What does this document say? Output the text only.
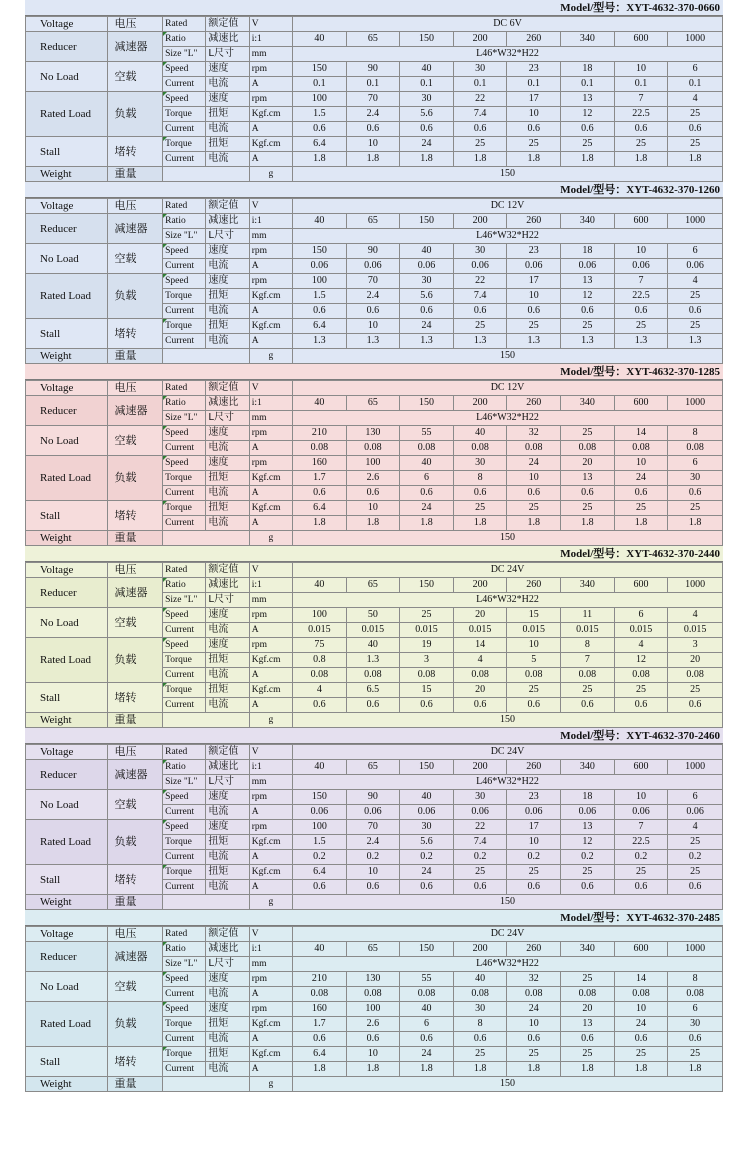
Model/型号：XYT-4632-370-0660
Voltage	电压	Rated	额定值	V	DC 6V							
Reducer	减速器	Ratio	减速比	i:1	40	65	150	200	260	340	600	1000
		Size "L"	L尺寸	mm	L46*W32*H22							
No Load	空载	Speed	速度	rpm	150	90	40	30	23	18	10	6
		Current	电流	A	0.1	0.1	0.1	0.1	0.1	0.1	0.1	0.1
Rated Load	负载	Speed	速度	rpm	100	70	30	22	17	13	7	4
		Torque	扭矩	Kgf.cm	1.5	2.4	5.6	7.4	10	12	22.5	25
		Current	电流	A	0.6	0.6	0.6	0.6	0.6	0.6	0.6	0.6
Stall	堵转	Torque	扭矩	Kgf.cm	6.4	10	24	25	25	25	25	25
		Current	电流	A	1.8	1.8	1.8	1.8	1.8	1.8	1.8	1.8
Weight	重量			g	150							
Model/型号：XYT-4632-370-1260
Voltage	电压	Rated	额定值	V	DC 12V							
Reducer	减速器	Ratio	减速比	i:1	40	65	150	200	260	340	600	1000
		Size "L"	L尺寸	mm	L46*W32*H22							
No Load	空载	Speed	速度	rpm	150	90	40	30	23	18	10	6
		Current	电流	A	0.06	0.06	0.06	0.06	0.06	0.06	0.06	0.06
Rated Load	负载	Speed	速度	rpm	100	70	30	22	17	13	7	4
		Torque	扭矩	Kgf.cm	1.5	2.4	5.6	7.4	10	12	22.5	25
		Current	电流	A	0.6	0.6	0.6	0.6	0.6	0.6	0.6	0.6
Stall	堵转	Torque	扭矩	Kgf.cm	6.4	10	24	25	25	25	25	25
		Current	电流	A	1.3	1.3	1.3	1.3	1.3	1.3	1.3	1.3
Weight	重量			g	150							
Model/型号：XYT-4632-370-1285
Voltage	电压	Rated	额定值	V	DC 12V							
Reducer	减速器	Ratio	减速比	i:1	40	65	150	200	260	340	600	1000
		Size "L"	L尺寸	mm	L46*W32*H22							
No Load	空载	Speed	速度	rpm	210	130	55	40	32	25	14	8
		Current	电流	A	0.08	0.08	0.08	0.08	0.08	0.08	0.08	0.08
Rated Load	负载	Speed	速度	rpm	160	100	40	30	24	20	10	6
		Torque	扭矩	Kgf.cm	1.7	2.6	6	8	10	13	24	30
		Current	电流	A	0.6	0.6	0.6	0.6	0.6	0.6	0.6	0.6
Stall	堵转	Torque	扭矩	Kgf.cm	6.4	10	24	25	25	25	25	25
		Current	电流	A	1.8	1.8	1.8	1.8	1.8	1.8	1.8	1.8
Weight	重量			g	150							
Model/型号：XYT-4632-370-2440
Voltage	电压	Rated	额定值	V	DC 24V							
Reducer	减速器	Ratio	减速比	i:1	40	65	150	200	260	340	600	1000
		Size "L"	L尺寸	mm	L46*W32*H22							
No Load	空载	Speed	速度	rpm	100	50	25	20	15	11	6	4
		Current	电流	A	0.015	0.015	0.015	0.015	0.015	0.015	0.015	0.015
Rated Load	负载	Speed	速度	rpm	75	40	19	14	10	8	4	3
		Torque	扭矩	Kgf.cm	0.8	1.3	3	4	5	7	12	20
		Current	电流	A	0.08	0.08	0.08	0.08	0.08	0.08	0.08	0.08
Stall	堵转	Torque	扭矩	Kgf.cm	4	6.5	15	20	25	25	25	25
		Current	电流	A	0.6	0.6	0.6	0.6	0.6	0.6	0.6	0.6
Weight	重量			g	150							
Model/型号：XYT-4632-370-2460
Voltage	电压	Rated	额定值	V	DC 24V							
Reducer	减速器	Ratio	减速比	i:1	40	65	150	200	260	340	600	1000
		Size "L"	L尺寸	mm	L46*W32*H22							
No Load	空载	Speed	速度	rpm	150	90	40	30	23	18	10	6
		Current	电流	A	0.06	0.06	0.06	0.06	0.06	0.06	0.06	0.06
Rated Load	负载	Speed	速度	rpm	100	70	30	22	17	13	7	4
		Torque	扭矩	Kgf.cm	1.5	2.4	5.6	7.4	10	12	22.5	25
		Current	电流	A	0.2	0.2	0.2	0.2	0.2	0.2	0.2	0.2
Stall	堵转	Torque	扭矩	Kgf.cm	6.4	10	24	25	25	25	25	25
		Current	电流	A	0.6	0.6	0.6	0.6	0.6	0.6	0.6	0.6
Weight	重量			g	150							
Model/型号：XYT-4632-370-2485
Voltage	电压	Rated	额定值	V	DC 24V							
Reducer	减速器	Ratio	减速比	i:1	40	65	150	200	260	340	600	1000
		Size "L"	L尺寸	mm	L46*W32*H22							
No Load	空载	Speed	速度	rpm	210	130	55	40	32	25	14	8
		Current	电流	A	0.08	0.08	0.08	0.08	0.08	0.08	0.08	0.08
Rated Load	负载	Speed	速度	rpm	160	100	40	30	24	20	10	6
		Torque	扭矩	Kgf.cm	1.7	2.6	6	8	10	13	24	30
		Current	电流	A	0.6	0.6	0.6	0.6	0.6	0.6	0.6	0.6
Stall	堵转	Torque	扭矩	Kgf.cm	6.4	10	24	25	25	25	25	25
		Current	电流	A	1.8	1.8	1.8	1.8	1.8	1.8	1.8	1.8
Weight	重量			g	150							
